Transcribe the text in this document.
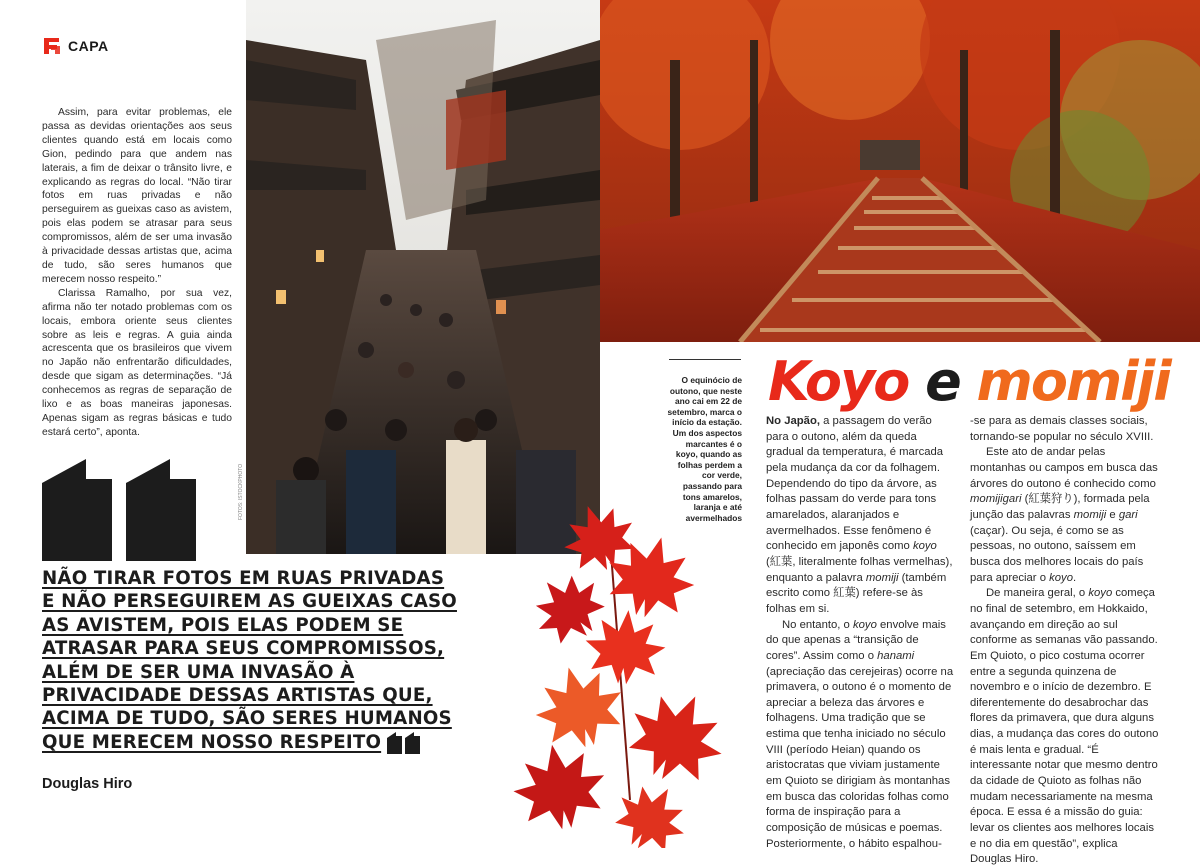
CAPA

Assim, para evitar problemas, ele passa as devidas orientações aos seus clientes quando está em locais como Gion, pedindo para que andem nas laterais, a fim de deixar o trânsito livre, e explicando as regras do local. “Não tirar fotos em ruas privadas e não perseguirem as gueixas caso as avistem, pois elas podem se atrasar para seus compromissos, além de ser uma invasão à privacidade dessas artistas que, acima de tudo, são seres humanos que merecem nosso respeito.”

Clarissa Ramalho, por sua vez, afirma não ter notado problemas com os locais, embora oriente seus clientes sobre as leis e regras. A guia ainda acrescenta que os brasileiros que vivem no Japão não enfrentarão dificuldades, desde que sigam as determinações. “Já conhecemos as regras de separação de lixo e as boas maneiras japonesas. Apenas sigam as regras básicas e tudo estará certo”, aponta.

NÃO TIRAR FOTOS EM RUAS PRIVADAS
E NÃO PERSEGUIREM AS GUEIXAS CASO
AS AVISTEM, POIS ELAS PODEM SE
ATRASAR PARA SEUS COMPROMISSOS,
ALÉM DE SER UMA INVASÃO À
PRIVACIDADE DESSAS ARTISTAS QUE,
ACIMA DE TUDO, SÃO SERES HUMANOS
QUE MERECEM NOSSO RESPEITO
Douglas Hiro
FOTOS: ISTOCKPHOTO
O equinócio de outono, que neste ano cai em 22 de setembro, marca o início da estação. Um dos aspectos marcantes é o koyo, quando as folhas perdem a cor verde, passando para tons amarelos, laranja e até avermelhados
Koyo e momiji

No Japão, a passagem do verão para o outono, além da queda gradual da temperatura, é marcada pela mudança da cor da folhagem. Dependendo do tipo da árvore, as folhas passam do verde para tons amarelados, alaranjados e avermelhados. Esse fenômeno é conhecido em japonês como koyo (紅葉, literalmente folhas vermelhas), enquanto a palavra momiji (também escrito como 紅葉) refere-se às folhas em si.

No entanto, o koyo envolve mais do que apenas a “transição de cores”. Assim como o hanami (apreciação das cerejeiras) ocorre na primavera, o outono é o momento de apreciar a beleza das árvores e folhagens. Uma tradição que se estima que tenha iniciado no século VIII (período Heian) quando os aristocratas que viviam justamente em Quioto se dirigiam às montanhas em busca das coloridas folhas como forma de inspiração para a composição de músicas e poemas. Posteriormente, o hábito espalhou-

-se para as demais classes sociais, tornando-se popular no século XVIII.

Este ato de andar pelas montanhas ou campos em busca das árvores do outono é conhecido como momijigari (紅葉狩り), formada pela junção das palavras momiji e gari (caçar). Ou seja, é como se as pessoas, no outono, saíssem em busca dos melhores locais do país para apreciar o koyo.

De maneira geral, o koyo começa no final de setembro, em Hokkaido, avançando em direção ao sul conforme as semanas vão passando. Em Quioto, o pico costuma ocorrer entre a segunda quinzena de novembro e o início de dezembro. E diferentemente do desabrochar das flores da primavera, que dura alguns dias, a mudança das cores do outono é mais lenta e gradual. “É interessante notar que mesmo dentro da cidade de Quioto as folhas não mudam necessariamente na mesma época. E essa é a missão do guia: levar os clientes aos melhores locais e no dia em questão”, explica Douglas Hiro.
